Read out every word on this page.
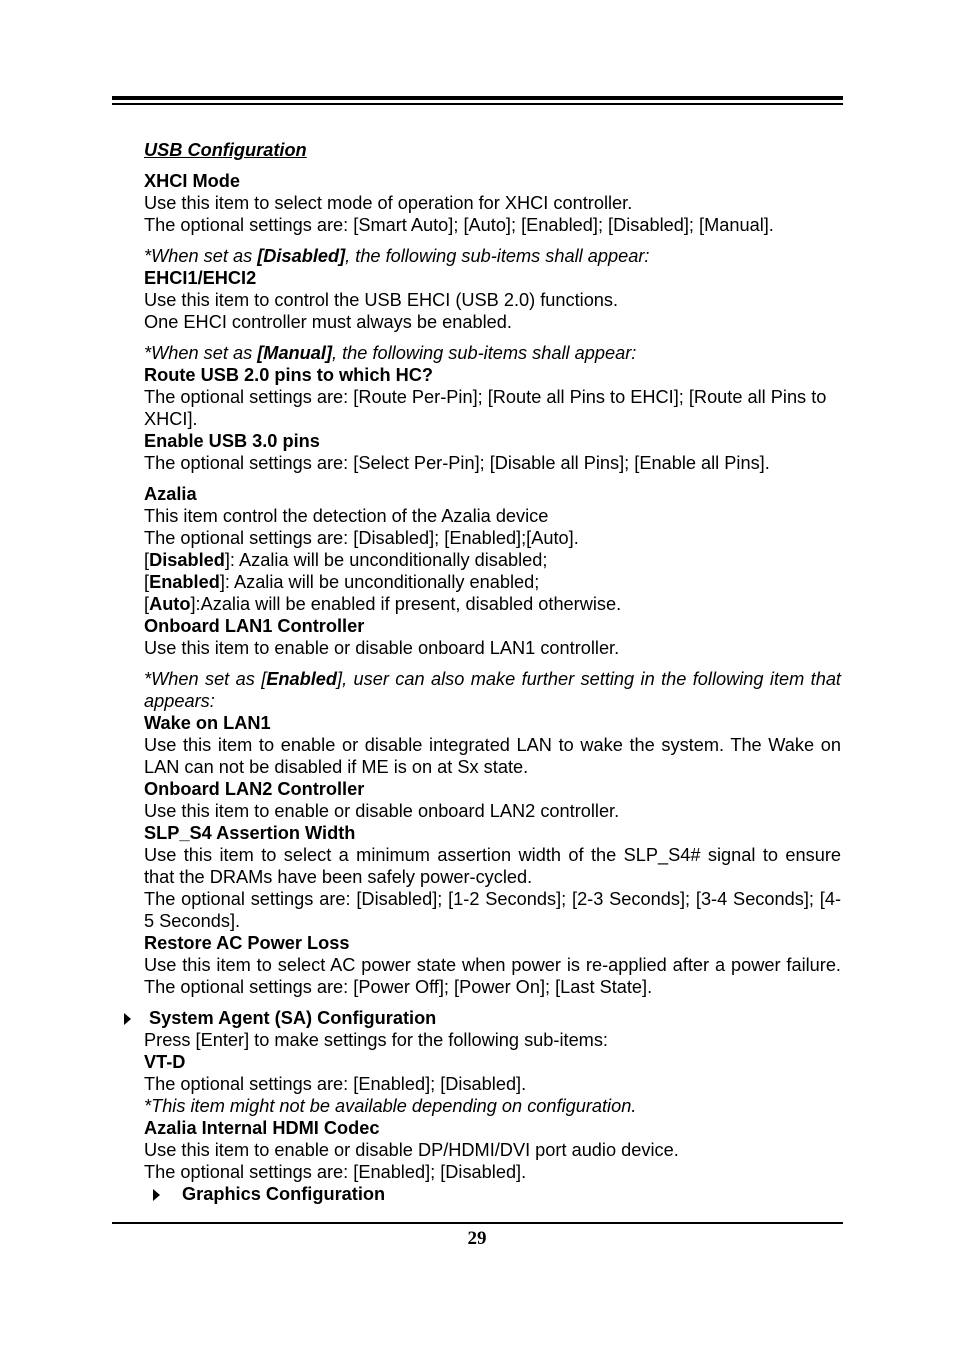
USB Configuration

XHCI Mode

Use this item to select mode of operation for XHCI controller.

The optional settings are: [Smart Auto]; [Auto]; [Enabled]; [Disabled]; [Manual].

*When set as [Disabled], the following sub-items shall appear:

EHCI1/EHCI2

Use this item to control the USB EHCI (USB 2.0) functions.

One EHCI controller must always be enabled.

*When set as [Manual], the following sub-items shall appear:

Route USB 2.0 pins to which HC?

The optional settings are: [Route Per-Pin]; [Route all Pins to EHCI]; [Route all Pins to XHCI].

Enable USB 3.0 pins

The optional settings are: [Select Per-Pin]; [Disable all Pins]; [Enable all Pins].

Azalia

This item control the detection of the Azalia device

The optional settings are: [Disabled]; [Enabled];[Auto].

[Disabled]: Azalia will be unconditionally disabled;

[Enabled]: Azalia will be unconditionally enabled;

[Auto]:Azalia will be enabled if present, disabled otherwise.

Onboard LAN1 Controller

Use this item to enable or disable onboard LAN1 controller.

*When set as [Enabled], user can also make further setting in the following item that appears:

Wake on LAN1

Use this item to enable or disable integrated LAN to wake the system. The Wake on LAN can not be disabled if ME is on at Sx state.

Onboard LAN2 Controller

Use this item to enable or disable onboard LAN2 controller.

SLP_S4 Assertion Width

Use this item to select a minimum assertion width of the SLP_S4# signal to ensure that the DRAMs have been safely power-cycled.

The optional settings are: [Disabled]; [1-2 Seconds]; [2-3 Seconds]; [3-4 Seconds]; [4-5 Seconds].

Restore AC Power Loss

Use this item to select AC power state when power is re-applied after a power failure. The optional settings are: [Power Off]; [Power On]; [Last State].

System Agent (SA) Configuration

Press [Enter] to make settings for the following sub-items:

VT-D

The optional settings are: [Enabled]; [Disabled].

*This item might not be available depending on configuration.

Azalia Internal HDMI Codec

Use this item to enable or disable DP/HDMI/DVI port audio device.

The optional settings are: [Enabled]; [Disabled].

Graphics Configuration

29
